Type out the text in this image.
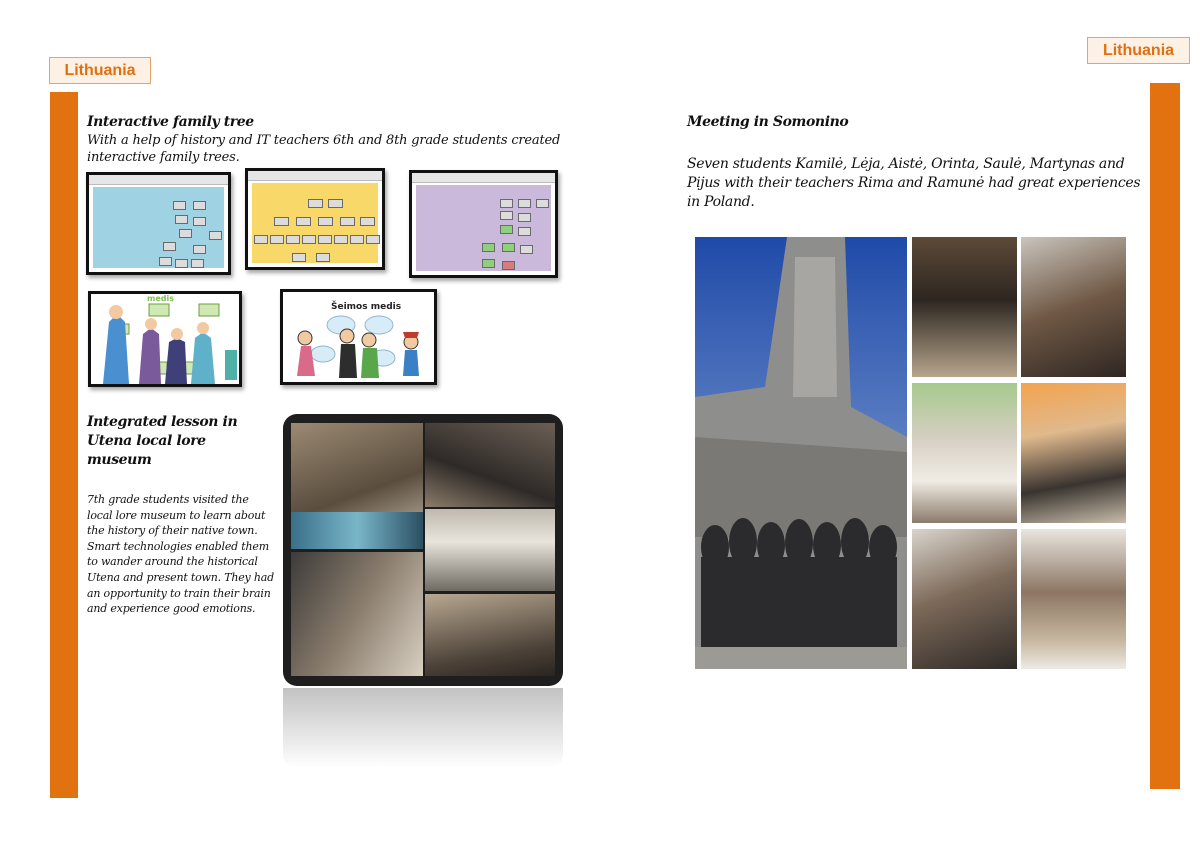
Lithuania
Interactive family tree
With a help of history and IT teachers 6th and 8th grade students created interactive family trees.
medis
Šeimos medis
Integrated lesson in Utena local lore museum
7th grade students visited the local lore museum to learn about the history of their native town. Smart technologies enabled them to wander around the historical Utena and present town. They had an opportunity to train their brain and experience good emotions.
Lithuania
Meeting in Somonino
Seven students Kamilė, Lėja, Aistė, Orinta, Saulė, Martynas and Pijus with their teachers Rima and Ramunė had great experiences in Poland.
